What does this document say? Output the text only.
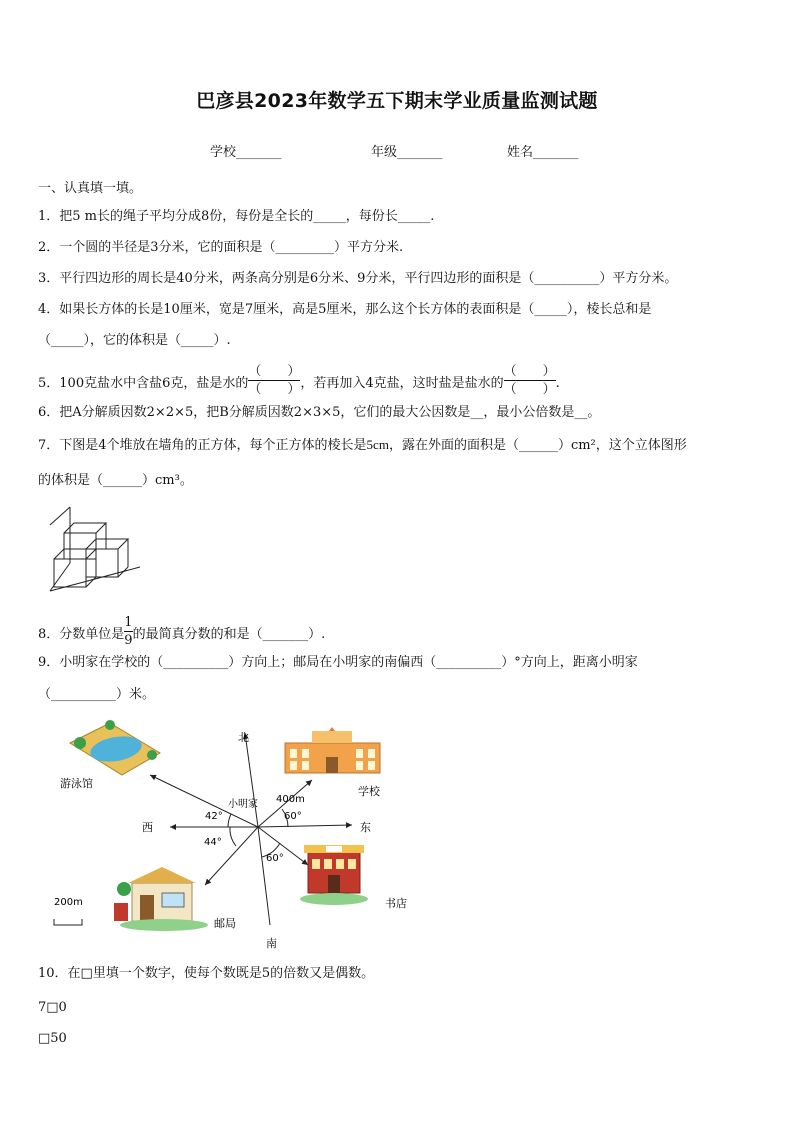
巴彦县2023年数学五下期末学业质量监测试题
学校_______	年级_______	姓名_______
一、认真填一填。
1．把5 m长的绳子平均分成8份，每份是全长的_____，每份长_____.
2．一个圆的半径是3分米，它的面积是（_________）平方分米.
3．平行四边形的周长是40分米，两条高分别是6分米、9分米，平行四边形的面积是（__________）平方分米。
4．如果长方体的长是10厘米，宽是7厘米，高是5厘米，那么这个长方体的表面积是（_____），棱长总和是
（_____），它的体积是（_____）.
5．100克盐水中含盐6克，盐是水的 $\frac{( )}{( )}$ ，若再加入4克盐，这时盐是盐水的 $\frac{( )}{( )}$ .
6．把A分解质因数2×2×5，把B分解质因数2×3×5，它们的最大公因数是__，最小公倍数是__。
7．下图是4个堆放在墙角的正方体，每个正方体的棱长是5cm，露在外面的面积是（______）cm²，这个立体图形
的体积是（______）cm³。
8．分数单位是 $\frac{1}{9}$ 的最简真分数的和是（_______）.
9．小明家在学校的（__________）方向上；邮局在小明家的南偏西（__________）°方向上，距离小明家
（__________）米。
游泳馆
学校
书店
邮局
北
南
西	东
小明家 400m
60°
60°
42°
44°
200m
10．在□里填一个数字，使每个数既是5的倍数又是偶数。
7□0
□50
